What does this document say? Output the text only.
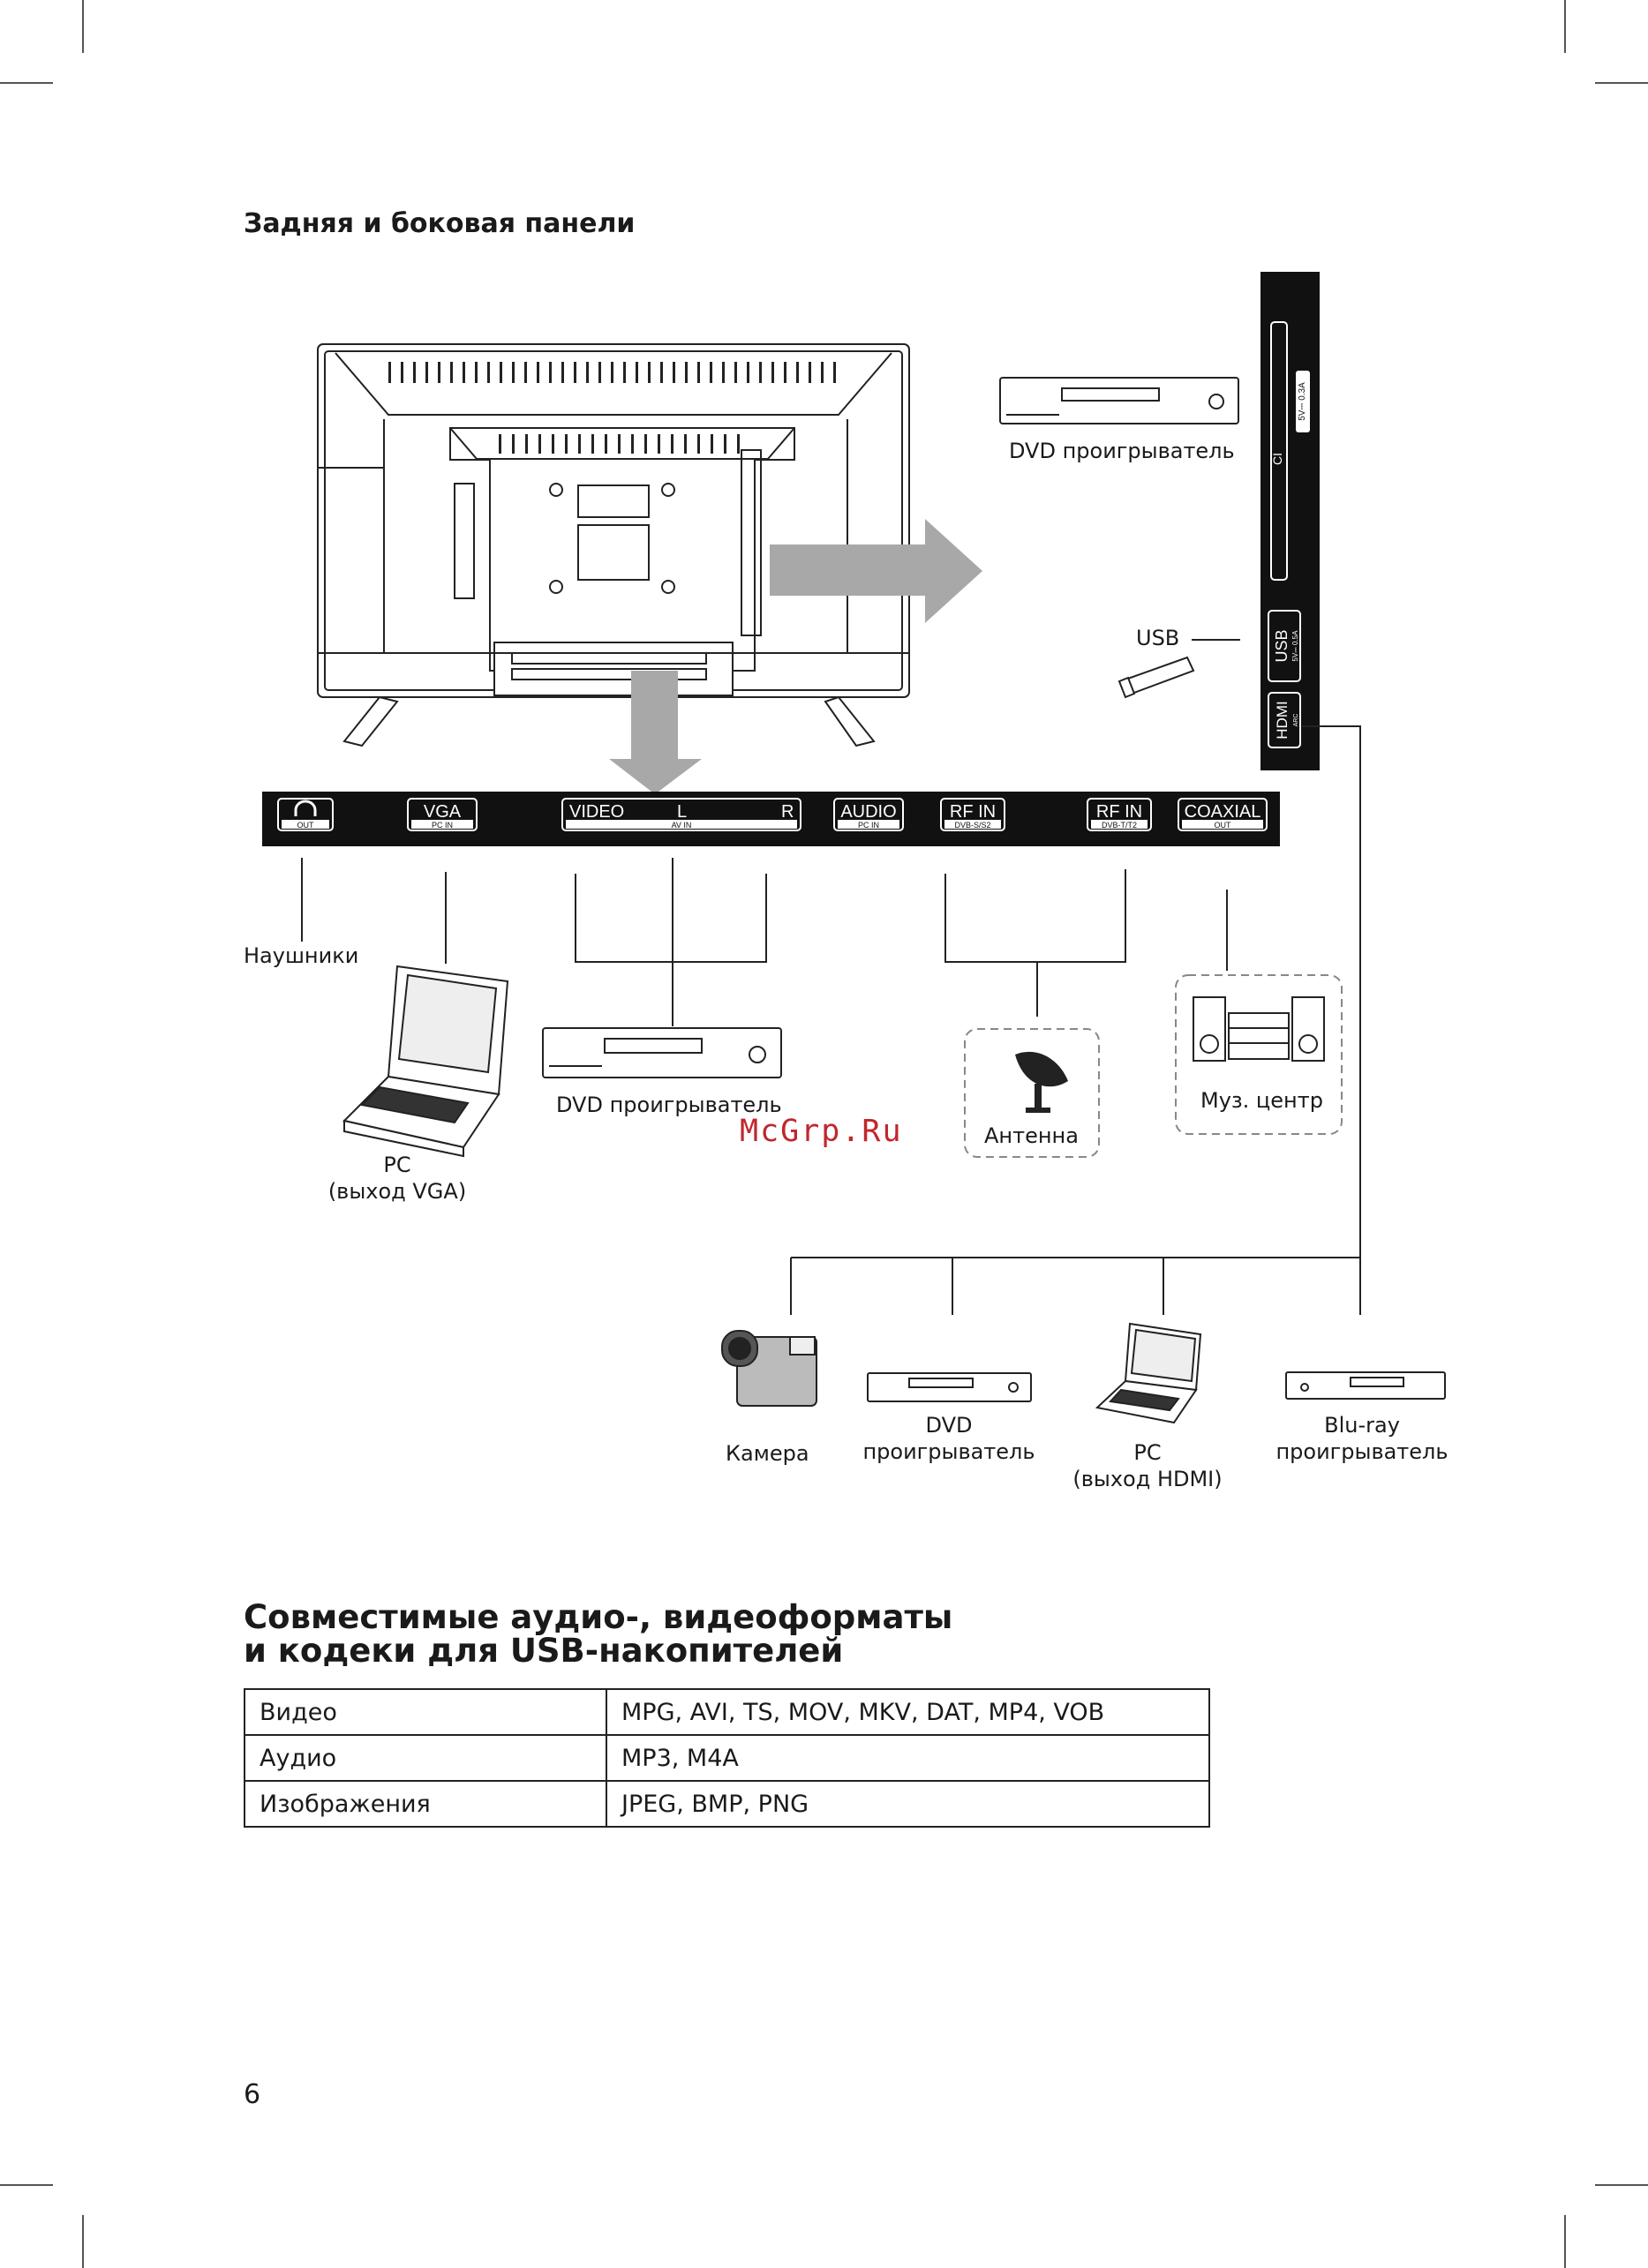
Задняя и боковая панели
OUT	PC IN
VGA
AV IN
VIDEO	L	R
PC IN
AUDIO
DVB-S/S2
RF IN
DVB-T/T2
RF IN
OUT
COAXIAL
CI
5V⎓ 0.3A
USB 5V⎓ 0.5A
HDMI ARC
DVD проигрыватель
USB
Наушники
PC
(выход VGA)
DVD проигрыватель
McGrp.Ru	Антенна
Муз. центр
Камера
DVD
проигрыватель	PC
(выход HDMI)
Blu-ray
проигрыватель
Совместимые аудио-, видеоформаты
и кодеки для USB-накопителей
Видео	MPG, AVI, TS, MOV, MKV, DAT, MP4, VOB
Аудио	MP3, M4A
Изображения	JPEG, BMP, PNG
6
